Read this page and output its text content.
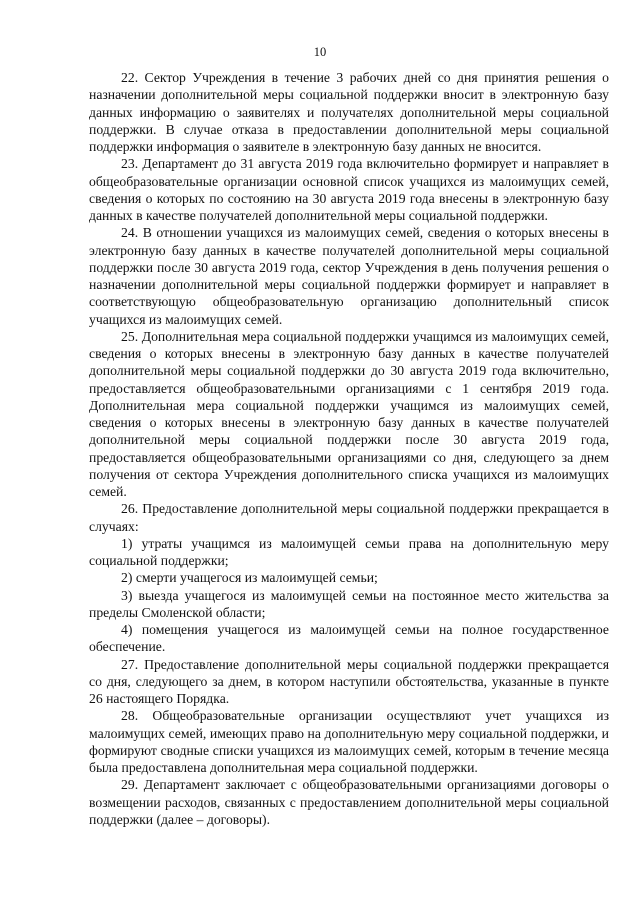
10

22. Сектор Учреждения в течение 3 рабочих дней со дня принятия решения о назначении дополнительной меры социальной поддержки вносит в электронную базу данных информацию о заявителях и получателях дополнительной меры социальной поддержки. В случае отказа в предоставлении дополнительной меры социальной поддержки информация о заявителе в электронную базу данных не вносится.

23. Департамент до 31 августа 2019 года включительно формирует и направляет в общеобразовательные организации основной список учащихся из малоимущих семей, сведения о которых по состоянию на 30 августа 2019 года внесены в электронную базу данных в качестве получателей дополнительной меры социальной поддержки.

24. В отношении учащихся из малоимущих семей, сведения о которых внесены в электронную базу данных в качестве получателей дополнительной меры социальной поддержки после 30 августа 2019 года, сектор Учреждения в день получения решения о назначении дополнительной меры социальной поддержки формирует и направляет в соответствующую общеобразовательную организацию дополнительный список учащихся из малоимущих семей.

25. Дополнительная мера социальной поддержки учащимся из малоимущих семей, сведения о которых внесены в электронную базу данных в качестве получателей дополнительной меры социальной поддержки до 30 августа 2019 года включительно, предоставляется общеобразовательными организациями с 1 сентября 2019 года. Дополнительная мера социальной поддержки учащимся из малоимущих семей, сведения о которых внесены в электронную базу данных в качестве получателей дополнительной меры социальной поддержки после 30 августа 2019 года, предоставляется общеобразовательными организациями со дня, следующего за днем получения от сектора Учреждения дополнительного списка учащихся из малоимущих семей.

26. Предоставление дополнительной меры социальной поддержки прекращается в случаях:

1) утраты учащимся из малоимущей семьи права на дополнительную меру социальной поддержки;

2) смерти учащегося из малоимущей семьи;

3) выезда учащегося из малоимущей семьи на постоянное место жительства за пределы Смоленской области;

4) помещения учащегося из малоимущей семьи на полное государственное обеспечение.

27. Предоставление дополнительной меры социальной поддержки прекращается со дня, следующего за днем, в котором наступили обстоятельства, указанные в пункте 26 настоящего Порядка.

28. Общеобразовательные организации осуществляют учет учащихся из малоимущих семей, имеющих право на дополнительную меру социальной поддержки, и формируют сводные списки учащихся из малоимущих семей, которым в течение месяца была предоставлена дополнительная мера социальной поддержки.

29. Департамент заключает с общеобразовательными организациями договоры о возмещении расходов, связанных с предоставлением дополнительной меры социальной поддержки (далее – договоры).
